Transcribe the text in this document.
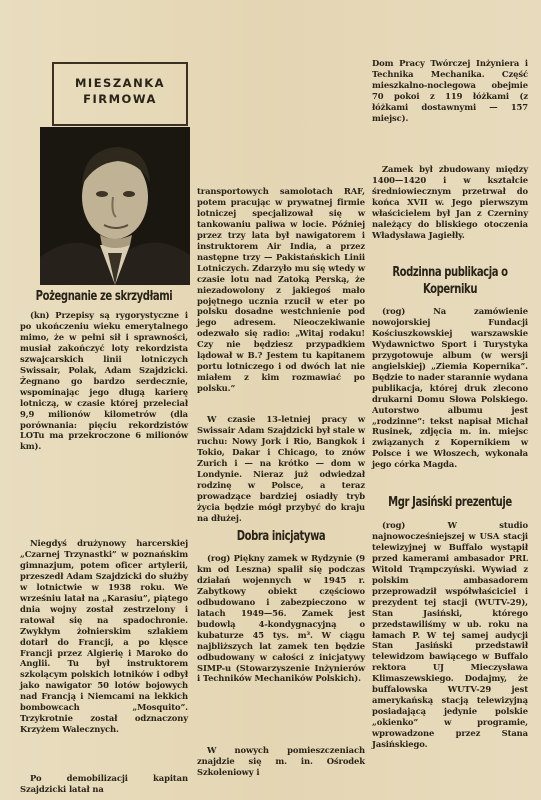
MIESZANKA
FIRMOWA
Pożegnanie ze skrzydłami

(kn) Przepisy są rygorystyczne i po ukończeniu wieku emerytalnego mimo, że w pełni sił i sprawności, musiał zakończyć loty rekordzista szwajcarskich linii lotniczych Swissair, Polak, Adam Szajdzicki. Żegnano go bardzo serdecznie, wspominając jego długą karierę lotniczą, w czasie której przeleciał 9,9 milionów kilometrów (dla porównania: pięciu rekordzistów LOTu ma przekroczone 6 milionów km).

Niegdyś drużynowy harcerskiej „Czarnej Trzynastki” w poznańskim gimnazjum, potem oficer artylerii, przeszedł Adam Szajdzicki do służby w lotnictwie w 1938 roku. We wrześniu latał na „Karasiu”, piątego dnia wojny został zestrzelony i ratował się na spadochronie. Zwykłym żołnierskim szlakiem dotarł do Francji, a po klęsce Francji przez Algierię i Maroko do Anglii. Tu był instruktorem szkolącym polskich lotników i odbył jako nawigator 50 lotów bojowych nad Francją i Niemcami na lekkich bombowcach „Mosquito”. Trzykrotnie został odznaczony Krzyżem Walecznych.

Po demobilizacji kapitan Szajdzicki latał na

transportowych samolotach RAF, potem pracując w prywatnej firmie lotniczej specjalizował się w tankowaniu paliwa w locie. Później przez trzy lata był nawigatorem i instruktorem Air India, a przez następne trzy — Pakistańskich Linii Lotniczych. Zdarzyło mu się wtedy w czasie lotu nad Zatoką Perską, że niezadowolony z jakiegoś mało pojętnego ucznia rzucił w eter po polsku dosadne westchnienie pod jego adresem. Nieoczekiwanie odezwało się radio: „Witaj rodaku! Czy nie będziesz przypadkiem lądował w B.? Jestem tu kapitanem portu lotniczego i od dwóch lat nie miałem z kim rozmawiać po polsku.”

W czasie 13-letniej pracy w Swissair Adam Szajdzicki był stale w ruchu: Nowy Jork i Rio, Bangkok i Tokio, Dakar i Chicago, to znów Zurich i — na krótko — dom w Londynie. Nieraz już odwiedzał rodzinę w Polsce, a teraz prowadzące bardziej osiadły tryb życia będzie mógł przybyć do kraju na dłużej.

Dobra inicjatywa

(rog) Piękny zamek w Rydzynie (9 km od Leszna) spalił się podczas działań wojennych w 1945 r. Zabytkowy obiekt częściowo odbudowano i zabezpieczono w latach 1949—56. Zamek jest budowlą 4-kondygnacyjną o kubaturze 45 tys. m³. W ciągu najbliższych lat zamek ten będzie odbudowany w całości z inicjatywy SIMP-u (Stowarzyszenie Inżynierów i Techników Mechaników Polskich).

W nowych pomieszczeniach znajdzie się m. in. Ośrodek Szkoleniowy i

Dom Pracy Twórczej Inżyniera i Technika Mechanika. Część mieszkalno-noclegowa obejmie 70 pokoi z 119 łóżkami (z łóżkami dostawnymi — 157 miejsc).

Zamek był zbudowany między 1400—1420 i w kształcie średniowiecznym przetrwał do końca XVII w. Jego pierwszym właścicielem był Jan z Czerniny należący do bliskiego otoczenia Władysława Jagiełły.

Rodzinna publikacja o Koperniku

(rog) Na zamówienie nowojorskiej Fundacji Kościuszkowskiej warszawskie Wydawnictwo Sport i Turystyka przygotowuje album (w wersji angielskiej) „Ziemia Kopernika”. Będzie to nader starannie wydana publikacja, której druk zlecono drukarni Domu Słowa Polskiego. Autorstwo albumu jest „rodzinne”: tekst napisał Michał Rusinek, zdjęcia m. in. miejsc związanych z Kopernikiem w Polsce i we Włoszech, wykonała jego córka Magda.

Mgr Jasiński prezentuje

(rog) W studio najnowocześniejszej w USA stacji telewizyjnej w Buffalo wystąpił przed kamerami ambasador PRL Witold Trąmpczyński. Wywiad z polskim ambasadorem przeprowadził współwłaściciel i prezydent tej stacji (WUTV-29), Stan Jasiński, którego przedstawiliśmy w ub. roku na łamach P. W tej samej audycji Stan Jasiński przedstawił telewidzom bawiącego w Buffalo rektora UJ Mieczysława Klimaszewskiego. Dodajmy, że buffalowska WUTV-29 jest amerykańską stacją telewizyjną posiadającą jedynie polskie „okienko” w programie, wprowadzone przez Stana Jasińskiego.
